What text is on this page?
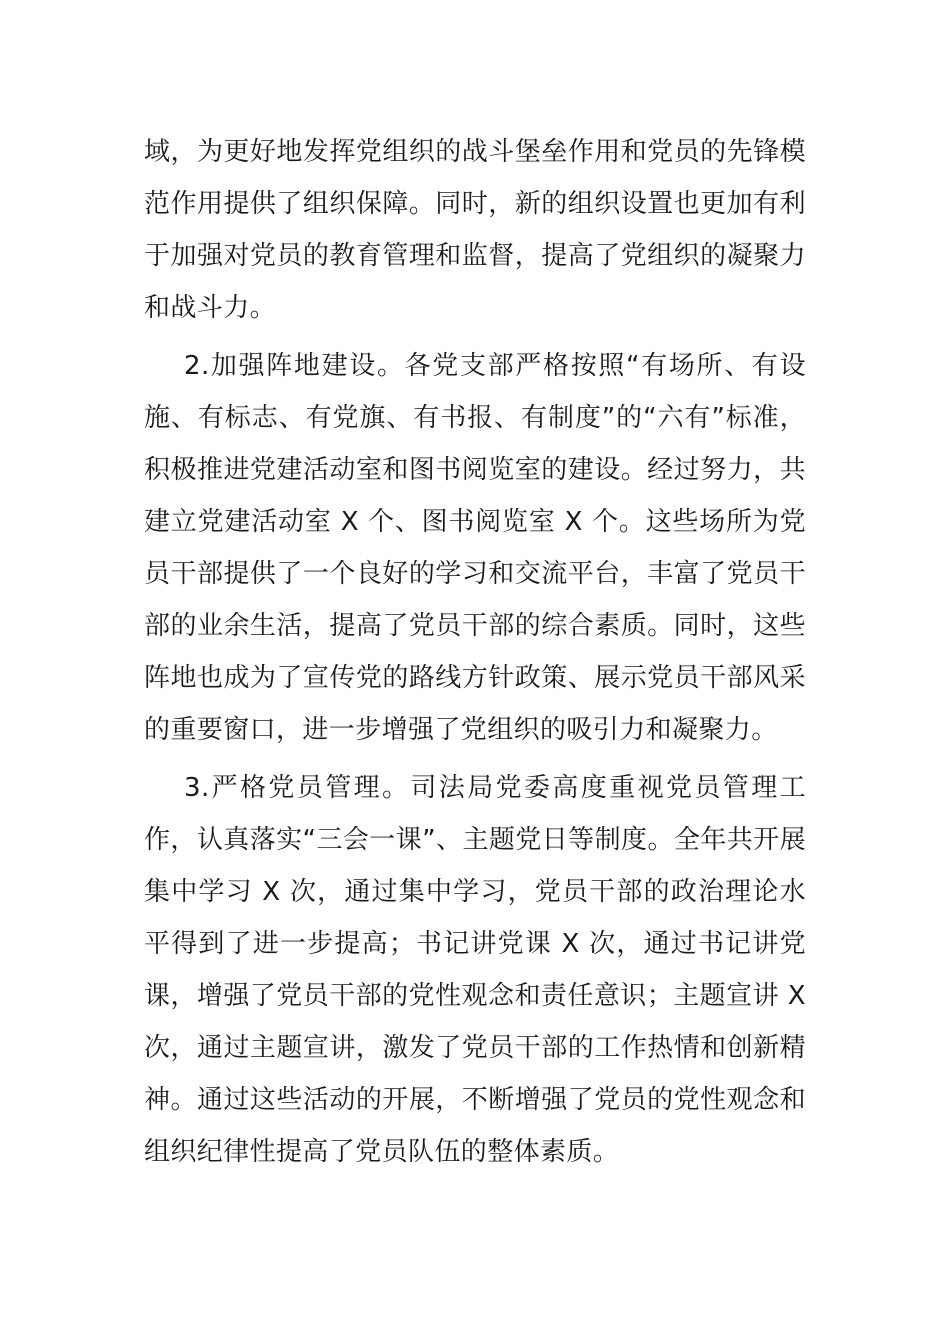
域，为更好地发挥党组织的战斗堡垒作用和党员的先锋模范作用提供了组织保障。同时，新的组织设置也更加有利于加强对党员的教育管理和监督，提高了党组织的凝聚力和战斗力。

2.加强阵地建设。各党支部严格按照“有场所、有设施、有标志、有党旗、有书报、有制度”的“六有”标准，积极推进党建活动室和图书阅览室的建设。经过努力，共建立党建活动室 X 个、图书阅览室 X 个。这些场所为党员干部提供了一个良好的学习和交流平台，丰富了党员干部的业余生活，提高了党员干部的综合素质。同时，这些阵地也成为了宣传党的路线方针政策、展示党员干部风采的重要窗口，进一步增强了党组织的吸引力和凝聚力。

3.严格党员管理。司法局党委高度重视党员管理工作，认真落实“三会一课”、主题党日等制度。全年共开展集中学习 X 次，通过集中学习，党员干部的政治理论水平得到了进一步提高；书记讲党课 X 次，通过书记讲党课，增强了党员干部的党性观念和责任意识；主题宣讲 X 次，通过主题宣讲，激发了党员干部的工作热情和创新精神。通过这些活动的开展，不断增强了党员的党性观念和组织纪律性提高了党员队伍的整体素质。
